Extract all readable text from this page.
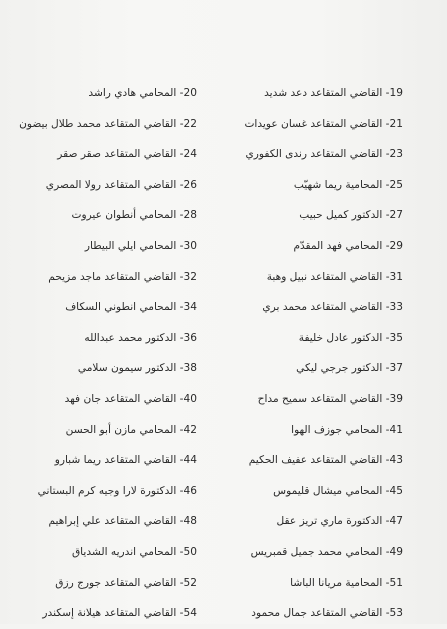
19- القاضي المتقاعد دعد شديد
21- القاضي المتقاعد غسان عويدات
23- القاضي المتقاعد رندى الكفوري
25- المحامية ريما شهيّب
27- الدكتور كميل حبيب
29- المحامي فهد المقدّم
31- القاضي المتقاعد نبيل وهبة
33- القاضي المتقاعد محمد بري
35- الدكتور عادل خليفة
37- الدكتور جرجي ليكي
39- القاضي المتقاعد سميح مداح
41- المحامي جوزف الهوا
43- القاضي المتقاعد عفيف الحكيم
45- المحامي ميشال قليموس
47- الدكتورة ماري تريز عقل
49- المحامي محمد جميل قمبريس
51- المحامية مريانا الباشا
53- القاضي المتقاعد جمال محمود
20- المحامي هادي راشد
22- القاضي المتقاعد محمد طلال بيضون
24- القاضي المتقاعد صقر صقر
26- القاضي المتقاعد رولا المصري
28- المحامي أنطوان عيروت
30- المحامي ايلي البيطار
32- القاضي المتقاعد ماجد مزيحم
34- المحامي انطوني السكاف
36- الدكتور محمد عبدالله
38- الدكتور سيمون سلامي
40- القاضي المتقاعد جان فهد
42- المحامي مازن أبو الحسن
44- القاضي المتقاعد ريما شبارو
46- الدكتورة لارا وجيه كرم البستاني
48- القاضي المتقاعد علي إبراهيم
50- المحامي اندريه الشدياق
52- القاضي المتقاعد جورج رزق
54- القاضي المتقاعد هيلانة إسكندر
